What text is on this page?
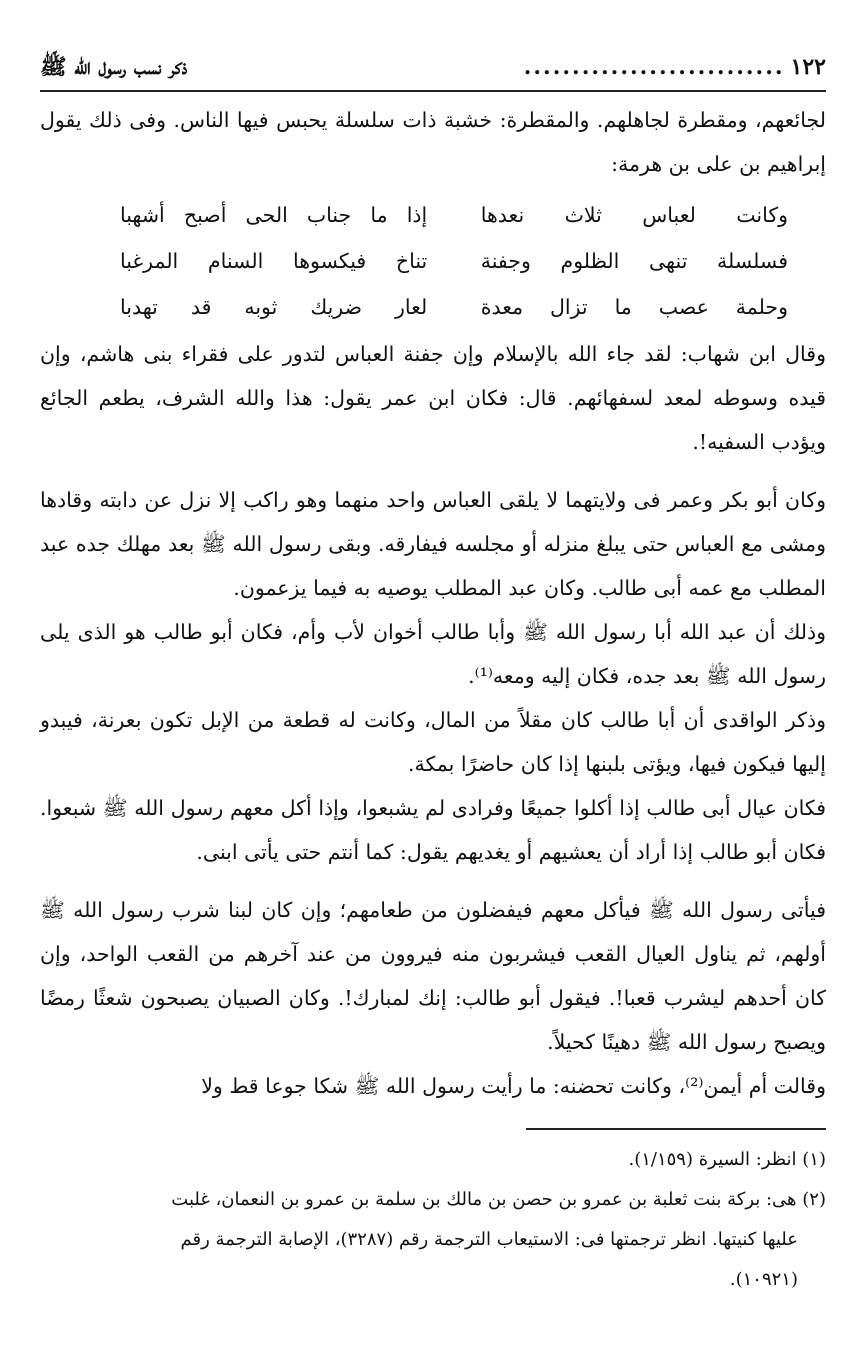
١٢٢
...........................
ذكر نسب رسول الله ﷺ

لجائعهم، ومقطرة لجاهلهم. والمقطرة: خشبة ذات سلسلة يحبس فيها الناس. وفى ذلك يقول إبراهيم بن على بن هرمة:

وكانت لعباس ثلاث نعدها
إذا ما جناب الحى أصبح أشهبا
فسلسلة تنهى الظلوم وجفنة
تناخ فيكسوها السنام المرغبا
وحلمة عصب ما تزال معدة
لعار ضريك ثوبه قد تهدبا

وقال ابن شهاب: لقد جاء الله بالإسلام وإن جفنة العباس لتدور على فقراء بنى هاشم، وإن قيده وسوطه لمعد لسفهائهم. قال: فكان ابن عمر يقول: هذا والله الشرف، يطعم الجائع ويؤدب السفيه!.

وكان أبو بكر وعمر فى ولايتهما لا يلقى العباس واحد منهما وهو راكب إلا نزل عن دابته وقادها ومشى مع العباس حتى يبلغ منزله أو مجلسه فيفارقه. وبقى رسول الله ﷺ بعد مهلك جده عبد المطلب مع عمه أبى طالب. وكان عبد المطلب يوصيه به فيما يزعمون.

وذلك أن عبد الله أبا رسول الله ﷺ وأبا طالب أخوان لأب وأم، فكان أبو طالب هو الذى يلى رسول الله ﷺ بعد جده، فكان إليه ومعه⁽¹⁾.

وذكر الواقدى أن أبا طالب كان مقلاً من المال، وكانت له قطعة من الإبل تكون بعرنة، فيبدو إليها فيكون فيها، ويؤتى بلبنها إذا كان حاضرًا بمكة.

فكان عيال أبى طالب إذا أكلوا جميعًا وفرادى لم يشبعوا، وإذا أكل معهم رسول الله ﷺ شبعوا. فكان أبو طالب إذا أراد أن يعشيهم أو يغديهم يقول: كما أنتم حتى يأتى ابنى.

فيأتى رسول الله ﷺ فيأكل معهم فيفضلون من طعامهم؛ وإن كان لبنا شرب رسول الله ﷺ أولهم، ثم يناول العيال القعب فيشربون منه فيروون من عند آخرهم من القعب الواحد، وإن كان أحدهم ليشرب قعبا!. فيقول أبو طالب: إنك لمبارك!. وكان الصبيان يصبحون شعثًا رمضًا ويصبح رسول الله ﷺ دهينًا كحيلاً.

وقالت أم أيمن⁽²⁾، وكانت تحضنه: ما رأيت رسول الله ﷺ شكا جوعا قط ولا

(١) انظر: السيرة (١/١٥٩).

(٢) هى: بركة بنت ثعلبة بن عمرو بن حصن بن مالك بن سلمة بن عمرو بن النعمان، غلبت

عليها كنيتها. انظر ترجمتها فى: الاستيعاب الترجمة رقم (٣٢٨٧)، الإصابة الترجمة رقم

(١٠٩٢١).
